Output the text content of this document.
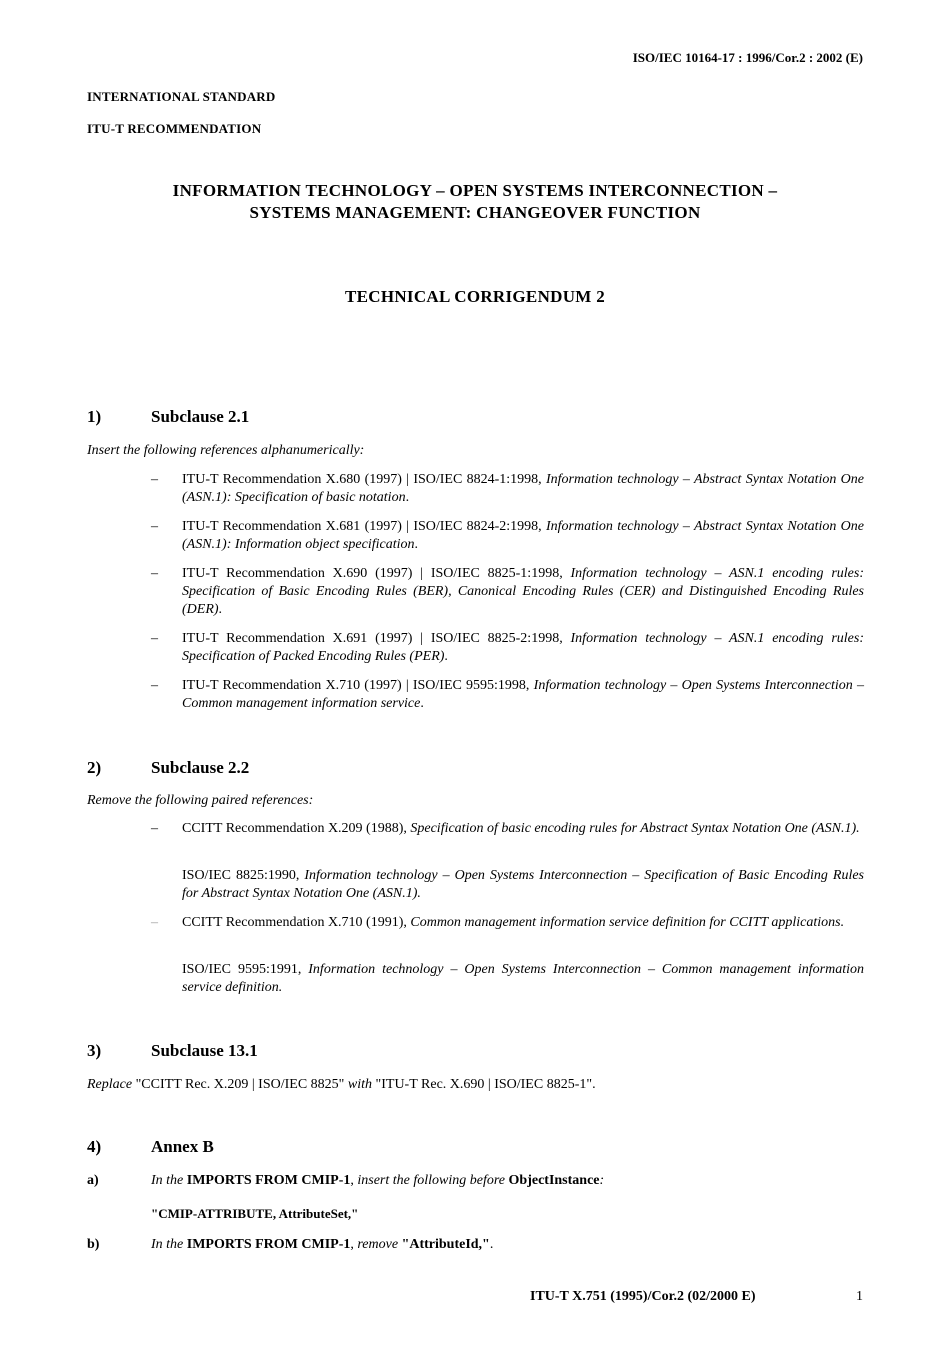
ISO/IEC 10164-17 : 1996/Cor.2 : 2002 (E)
INTERNATIONAL STANDARD
ITU-T RECOMMENDATION
INFORMATION TECHNOLOGY – OPEN SYSTEMS INTERCONNECTION –
SYSTEMS MANAGEMENT: CHANGEOVER FUNCTION
TECHNICAL CORRIGENDUM 2
1)	Subclause 2.1
Insert the following references alphanumerically:
– ITU-T Recommendation X.680 (1997) | ISO/IEC 8824-1:1998, Information technology – Abstract Syntax Notation One (ASN.1): Specification of basic notation.
– ITU-T Recommendation X.681 (1997) | ISO/IEC 8824-2:1998, Information technology – Abstract Syntax Notation One (ASN.1): Information object specification.
– ITU-T Recommendation X.690 (1997) | ISO/IEC 8825-1:1998, Information technology – ASN.1 encoding rules: Specification of Basic Encoding Rules (BER), Canonical Encoding Rules (CER) and Distinguished Encoding Rules (DER).
– ITU-T Recommendation X.691 (1997) | ISO/IEC 8825-2:1998, Information technology – ASN.1 encoding rules: Specification of Packed Encoding Rules (PER).
– ITU-T Recommendation X.710 (1997) | ISO/IEC 9595:1998, Information technology – Open Systems Interconnection – Common management information service.
2)	Subclause 2.2
Remove the following paired references:
– CCITT Recommendation X.209 (1988), Specification of basic encoding rules for Abstract Syntax Notation One (ASN.1).
ISO/IEC 8825:1990, Information technology – Open Systems Interconnection – Specification of Basic Encoding Rules for Abstract Syntax Notation One (ASN.1).
– CCITT Recommendation X.710 (1991), Common management information service definition for CCITT applications.
ISO/IEC 9595:1991, Information technology – Open Systems Interconnection – Common management information service definition.
3)	Subclause 13.1
Replace "CCITT Rec. X.209 | ISO/IEC 8825" with "ITU-T Rec. X.690 | ISO/IEC 8825-1".
4)	Annex B
a)	In the IMPORTS FROM CMIP-1, insert the following before ObjectInstance:
"CMIP-ATTRIBUTE, AttributeSet,"
b)	In the IMPORTS FROM CMIP-1, remove "AttributeId,".
ITU-T X.751 (1995)/Cor.2 (02/2000 E)	1
